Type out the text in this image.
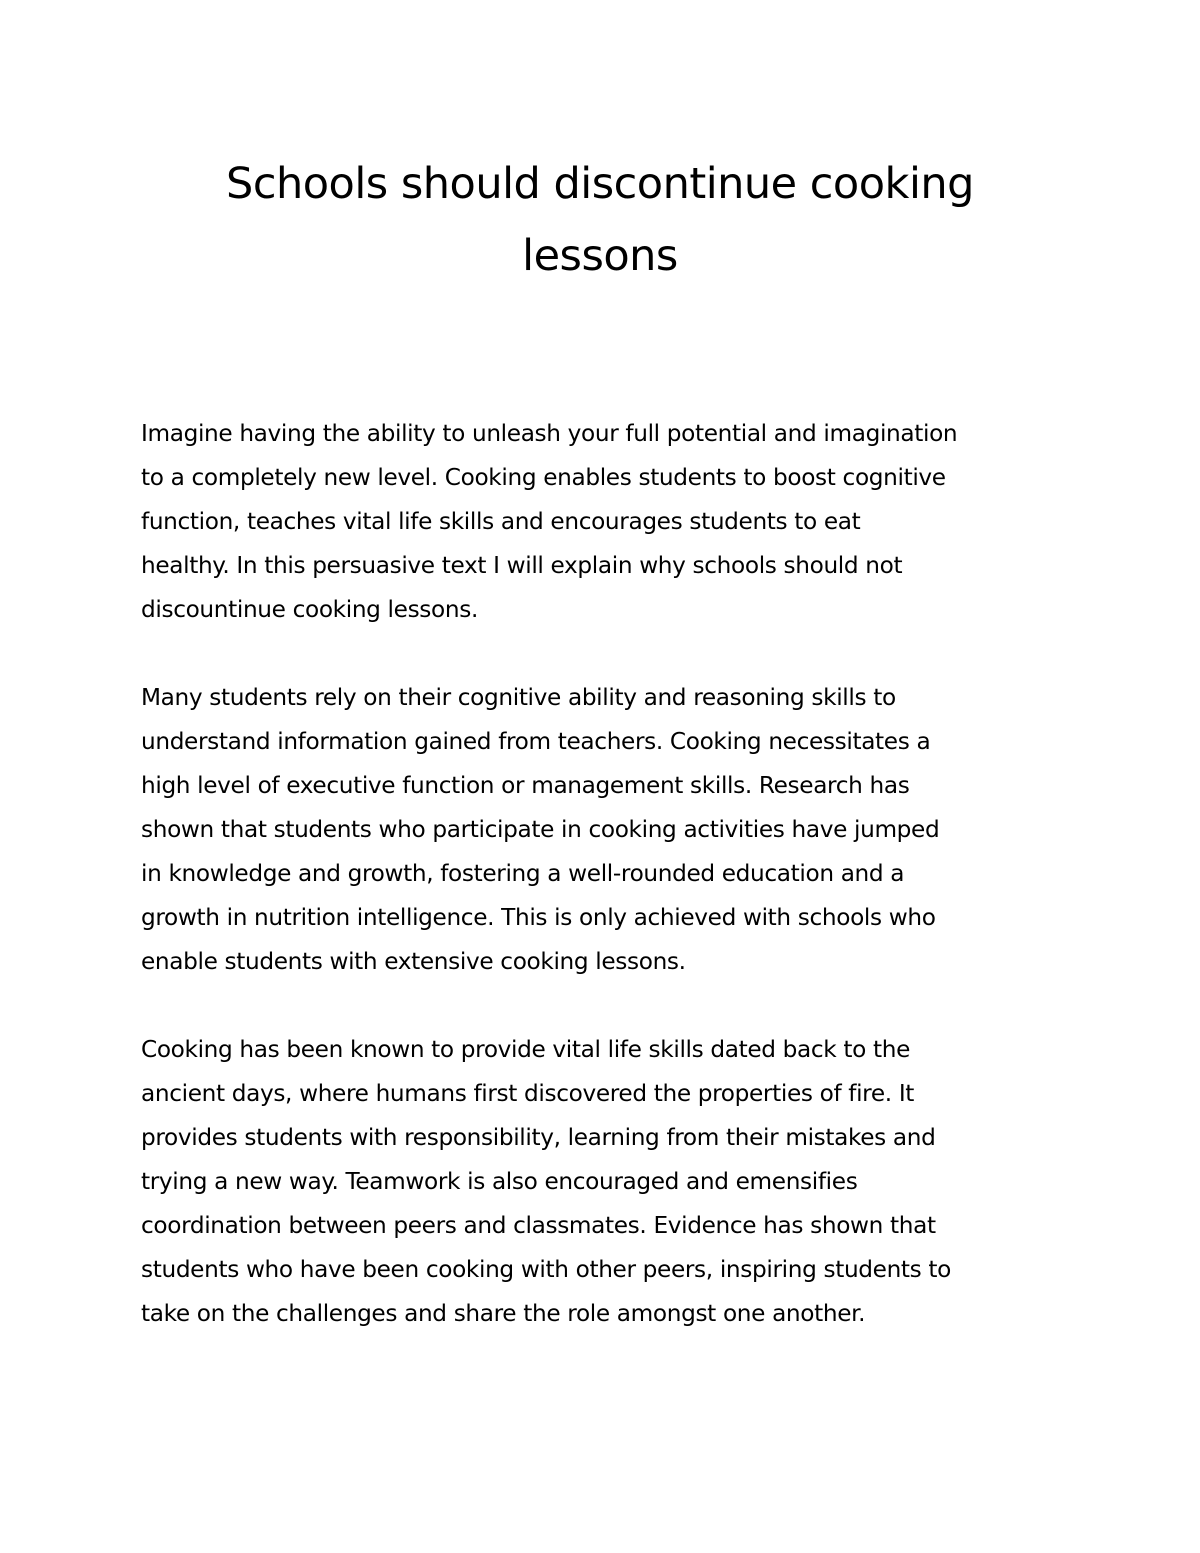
Schools should discontinue cooking
lessons

Imagine having the ability to unleash your full potential and imagination
to a completely new level. Cooking enables students to boost cognitive
function, teaches vital life skills and encourages students to eat
healthy. In this persuasive text I will explain why schools should not
discountinue cooking lessons.

Many students rely on their cognitive ability and reasoning skills to
understand information gained from teachers. Cooking necessitates a
high level of executive function or management skills. Research has
shown that students who participate in cooking activities have jumped
in knowledge and growth, fostering a well-rounded education and a
growth in nutrition intelligence. This is only achieved with schools who
enable students with extensive cooking lessons.

Cooking has been known to provide vital life skills dated back to the
ancient days, where humans first discovered the properties of fire. It
provides students with responsibility, learning from their mistakes and
trying a new way. Teamwork is also encouraged and emensifies
coordination between peers and classmates. Evidence has shown that
students who have been cooking with other peers, inspiring students to
take on the challenges and share the role amongst one another.
